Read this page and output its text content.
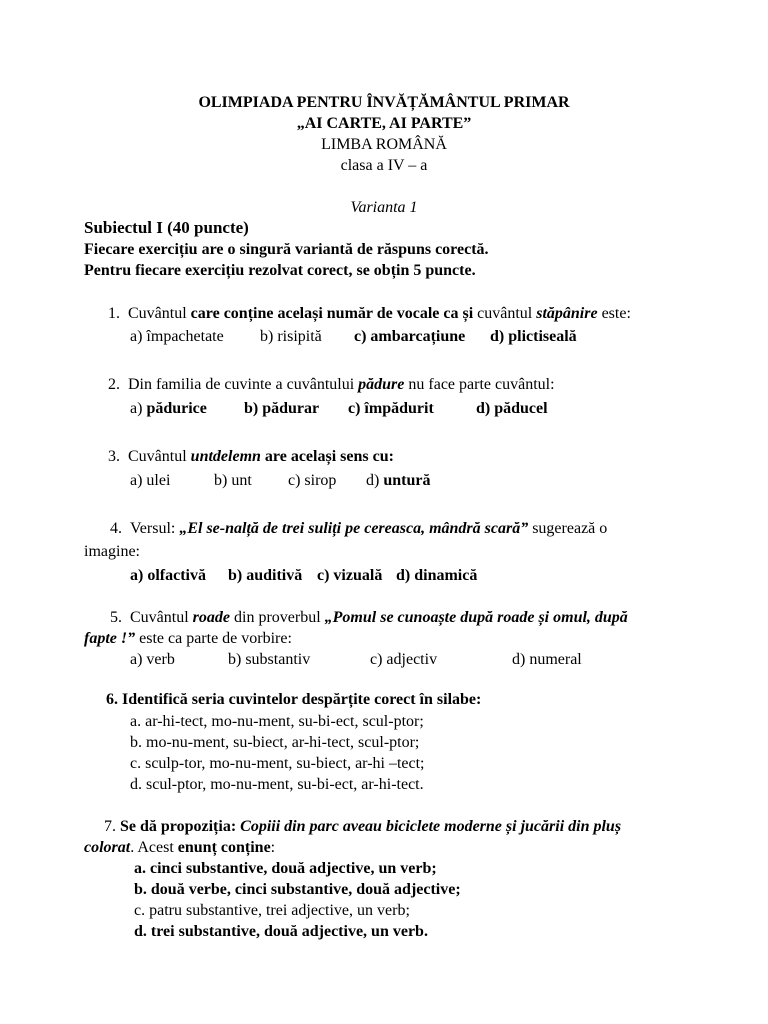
OLIMPIADA PENTRU ÎNVĂȚĂMÂNTUL PRIMAR
„AI CARTE, AI PARTE”
LIMBA ROMÂNĂ
clasa a IV – a
Varianta 1
Subiectul I (40 puncte)
Fiecare exercițiu are o singură variantă de răspuns corectă.
Pentru fiecare exercițiu rezolvat corect, se obțin 5 puncte.
1. Cuvântul care conține același număr de vocale ca și cuvântul stăpânire este:
a) împachetate b) risipită c) ambarcațiune d) plictiseală
2. Din familia de cuvinte a cuvântului pădure nu face parte cuvântul:
a) pădurice b) pădurar c) împădurit	d) păducel
3. Cuvântul untdelemn are același sens cu:
a) ulei	b) unt c) sirop d) untură
4. Versul: „El se-nalță de trei suliți pe cereasca, mândră scară” sugerează o
imagine:
a) olfactivă b) auditivă c) vizuală d) dinamică
5. Cuvântul roade din proverbul „Pomul se cunoaște după roade și omul, după
fapte !” este ca parte de vorbire:
a) verb	b) substantiv	c) adjectiv	d) numeral
6. Identifică seria cuvintelor despărțite corect în silabe:
a. ar-hi-tect, mo-nu-ment, su-bi-ect, scul-ptor;
b. mo-nu-ment, su-biect, ar-hi-tect, scul-ptor;
c. sculp-tor, mo-nu-ment, su-biect, ar-hi –tect;
d. scul-ptor, mo-nu-ment, su-bi-ect, ar-hi-tect.
7. Se dă propoziția: Copiii din parc aveau biciclete moderne și jucării din pluș
colorat. Acest enunț conține:
a. cinci substantive, două adjective, un verb;
b. două verbe, cinci substantive, două adjective;
c. patru substantive, trei adjective, un verb;
d. trei substantive, două adjective, un verb.
